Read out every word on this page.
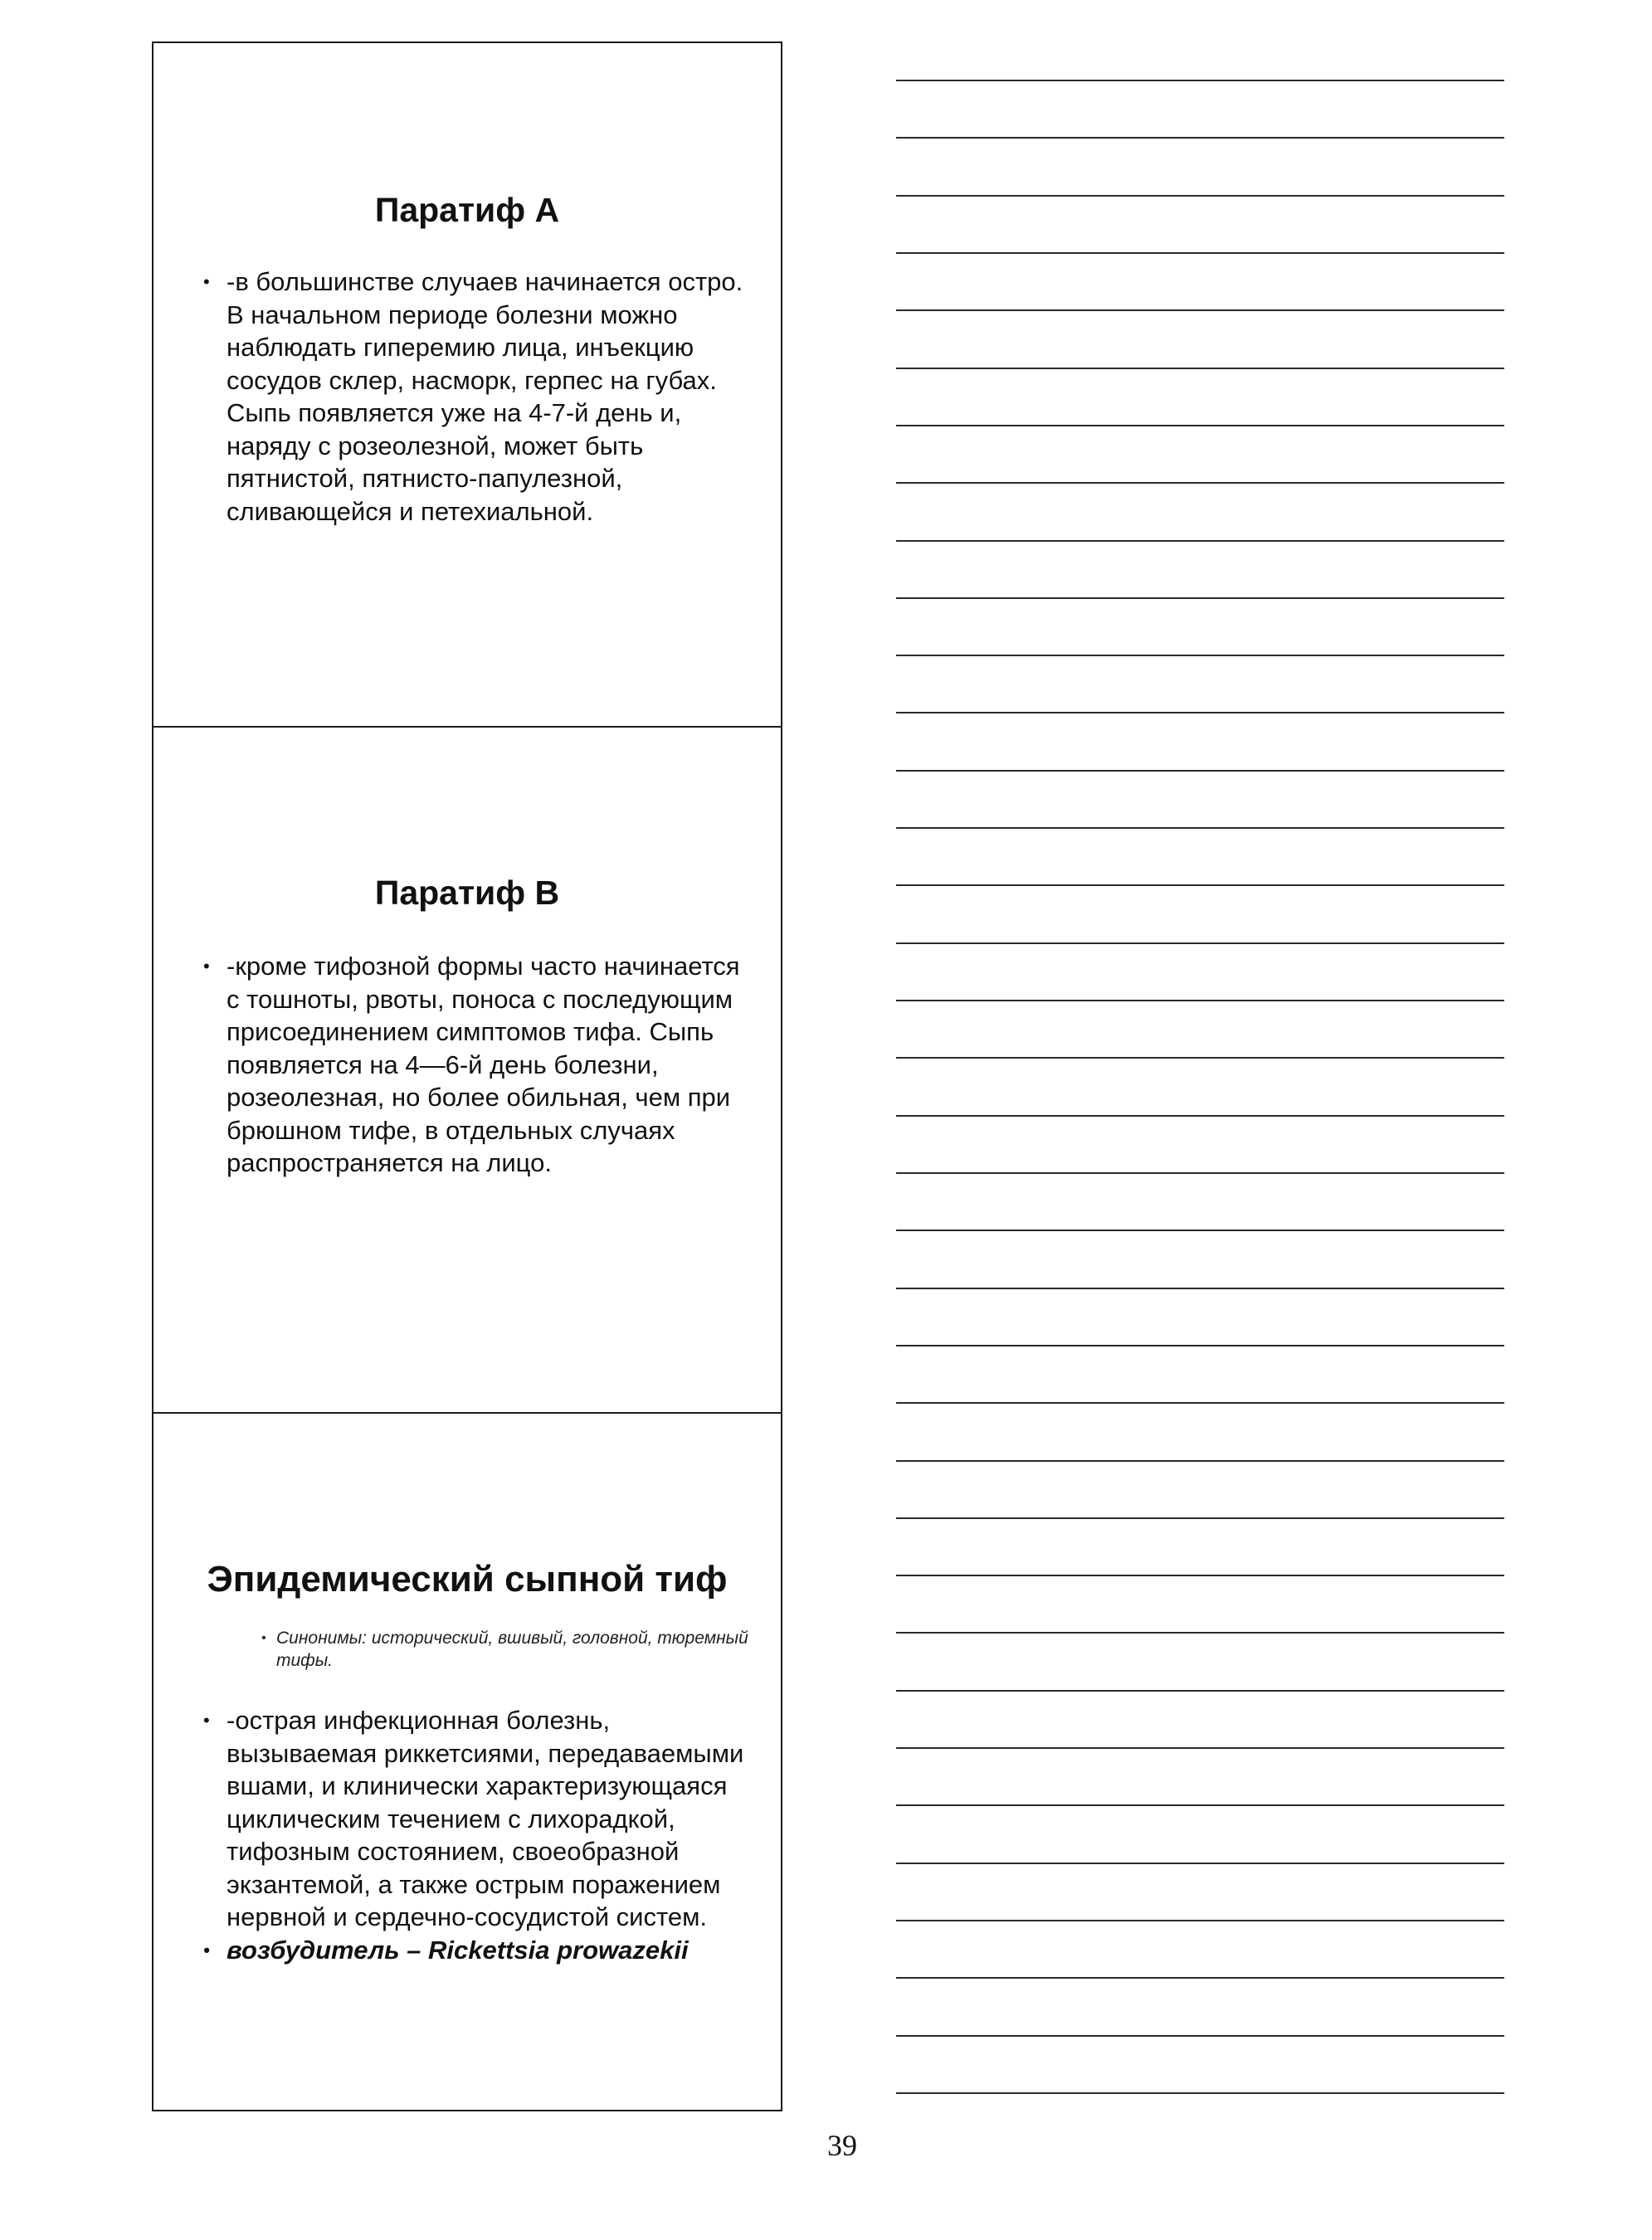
Паратиф А
• -в большинстве случаев начинается остро. В начальном периоде болезни можно наблюдать гиперемию лица, инъекцию сосудов склер, насморк, герпес на губах. Сыпь появляется уже на 4-7-й день и, наряду с розеолезной, может быть пятнистой, пятнисто-папулезной, сливающейся и петехиальной.
Паратиф В
• -кроме тифозной формы часто начинается с тошноты, рвоты, поноса с последующим присоединением симптомов тифа. Сыпь появляется на 4—6-й день болезни, розеолезная, но более обильная, чем при брюшном тифе, в отдельных случаях распространяется на лицо.
Эпидемический сыпной тиф
• Синонимы: исторический, вшивый, головной, тюремный тифы.
• -острая инфекционная болезнь, вызываемая риккетсиями, передаваемыми вшами, и клинически характеризующаяся циклическим течением с лихорадкой, тифозным состоянием, своеобразной экзантемой, а также острым поражением нервной и сердечно-сосудистой систем.
• возбудитель – Rickettsia prowazekii
39
